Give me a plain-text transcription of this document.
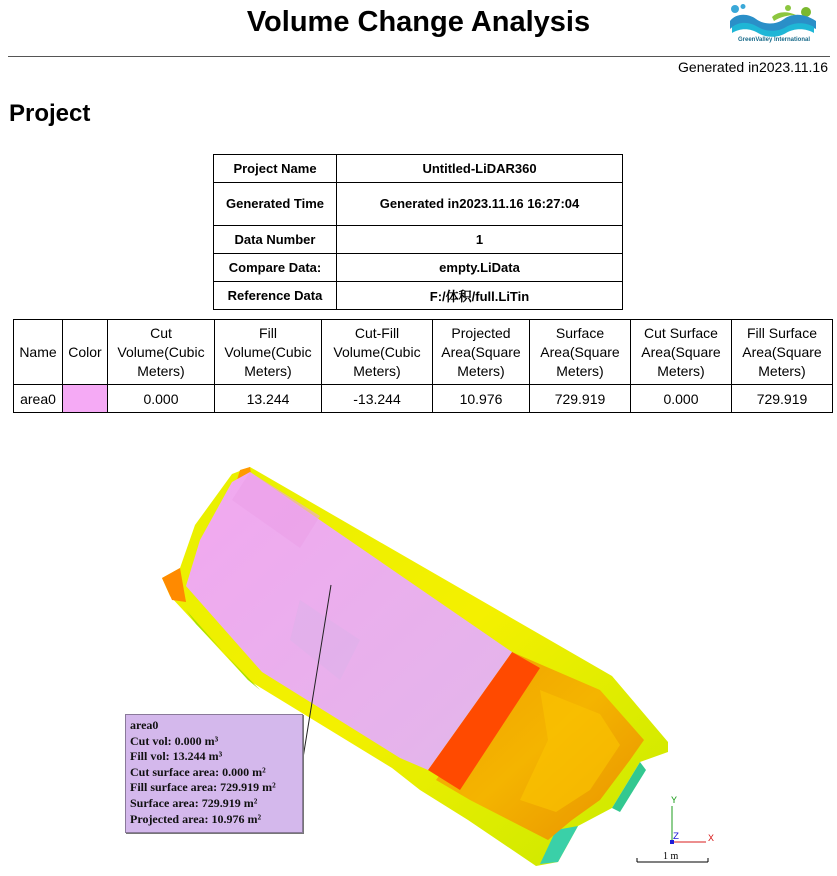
Volume Change Analysis
GreenValley International
Generated in2023.11.16
Project
Project Name	Untitled-LiDAR360
Generated Time	Generated in2023.11.16 16:27:04
Data Number	1
Compare Data:	empty.LiData
Reference Data	F:/体积/full.LiTin
Name	Color	Cut Volume(Cubic Meters)	Fill Volume(Cubic Meters)	Cut-Fill Volume(Cubic Meters)	Projected Area(Square Meters)	Surface Area(Square Meters)	Cut Surface Area(Square Meters)	Fill Surface Area(Square Meters)
area0		0.000	13.244	-13.244	10.976	729.919	0.000	729.919
Y
Z	X
1 m
area0
Cut vol: 0.000 m³
Fill vol: 13.244 m³
Cut surface area: 0.000 m²
Fill surface area: 729.919 m²
Surface area: 729.919 m²
Projected area: 10.976 m²
